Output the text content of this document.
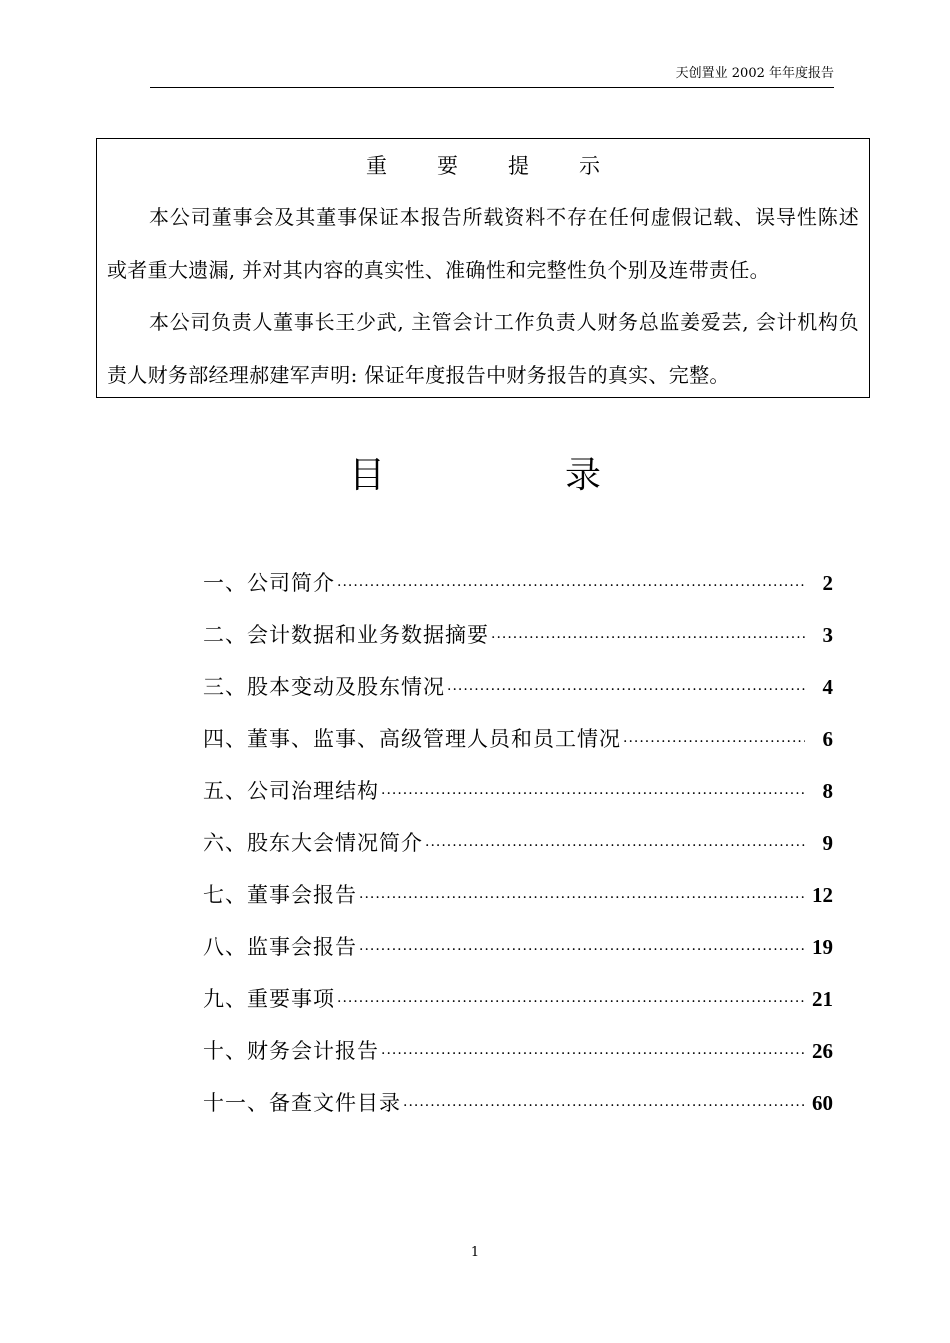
天创置业 2002 年年度报告
重要提示
本公司董事会及其董事保证本报告所载资料不存在任何虚假记载、误导性陈述或者重大遗漏, 并对其内容的真实性、准确性和完整性负个别及连带责任。
本公司负责人董事长王少武, 主管会计工作负责人财务总监姜爱芸, 会计机构负责人财务部经理郝建军声明: 保证年度报告中财务报告的真实、完整。
目录
一、公司简介 ·····	2
二、会计数据和业务数据摘要 ·····	3
三、股本变动及股东情况 ·····	4
四、董事、监事、高级管理人员和员工情况 ·····	6
五、公司治理结构 ·····	8
六、股东大会情况简介 ·····	9
七、董事会报告 ·····	12
八、监事会报告 ·····	19
九、重要事项 ·····	21
十、财务会计报告 ·····	26
十一、备查文件目录 ·····	60
1
